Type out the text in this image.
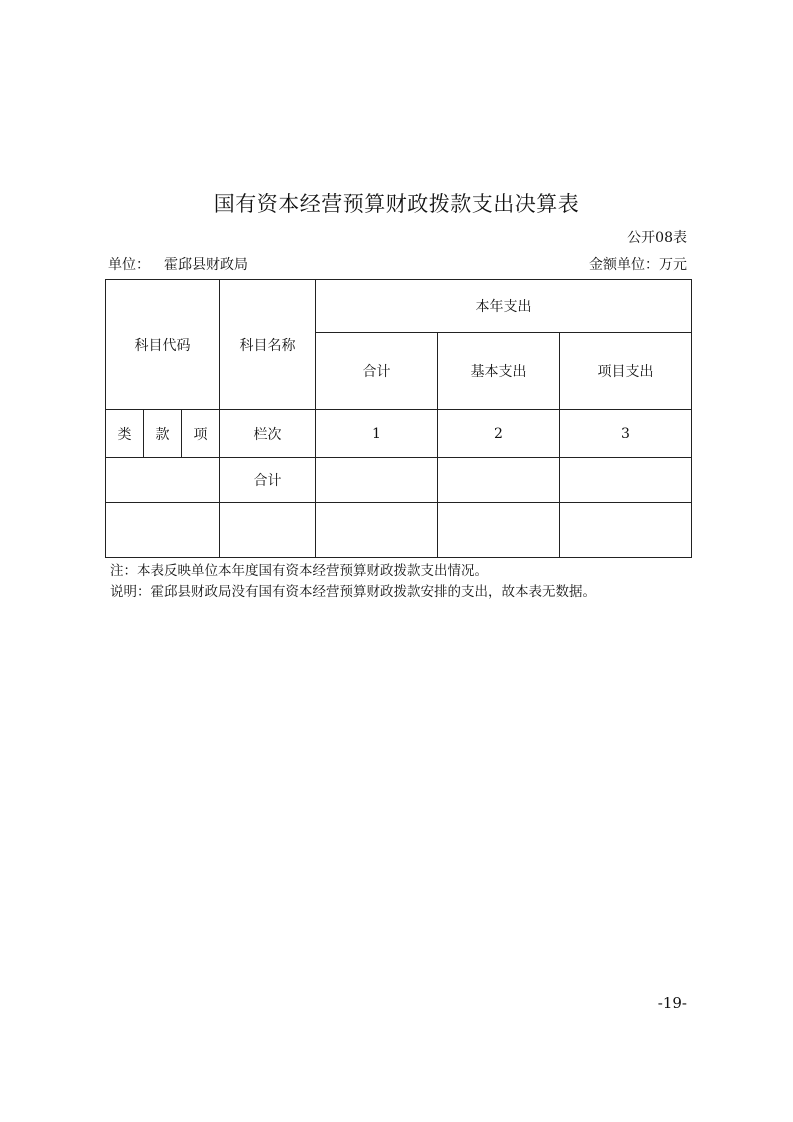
国有资本经营预算财政拨款支出决算表
公开08表
单位： 霍邱县财政局	金额单位：万元
科目代码			科目名称	本年支出		
				合计	基本支出	项目支出
类	款	项	栏次	1	2	3
			合计			

注：本表反映单位本年度国有资本经营预算财政拨款支出情况。
说明：霍邱县财政局没有国有资本经营预算财政拨款安排的支出，故本表无数据。
-19-
